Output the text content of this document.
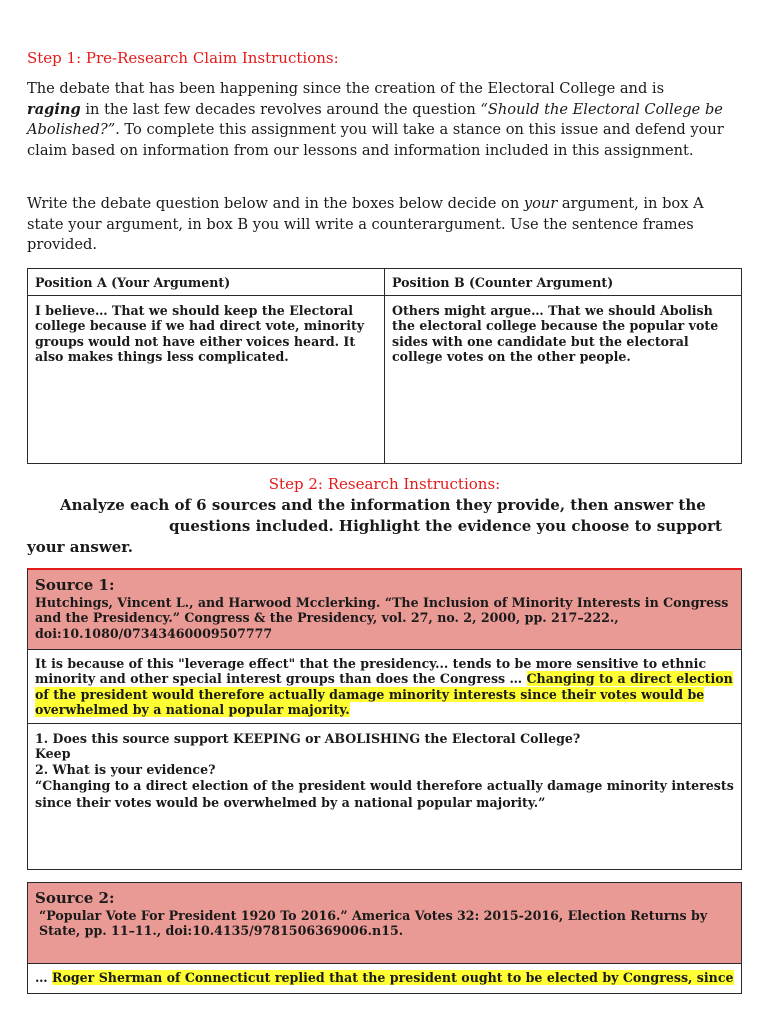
Step 1: Pre-Research Claim Instructions:
The debate that has been happening since the creation of the Electoral College and is
raging in the last few decades revolves around the question “Should the Electoral College be Abolished?”. To complete this assignment you will take a stance on this issue and defend your claim based on information from our lessons and information included in this assignment.
Write the debate question below and in the boxes below decide on your argument, in box A state your argument, in box B you will write a counterargument. Use the sentence frames provided.
Position A (Your Argument)	Position B (Counter Argument)
I believe… That we should keep the Electoral college because if we had direct vote, minority groups would not have either voices heard. It also makes things less complicated.	Others might argue… That we should Abolish the electoral college because the popular vote sides with one candidate but the electoral college votes on the other people.
Step 2: Research Instructions:
Analyze each of 6 sources and the information they provide, then answer the
questions included. Highlight the evidence you choose to support
your answer.
Source 1:
Hutchings, Vincent L., and Harwood Mcclerking. “The Inclusion of Minority Interests in Congress and the Presidency.” Congress & the Presidency, vol. 27, no. 2, 2000, pp. 217–222., doi:10.1080/07343460009507777
It is because of this "leverage effect" that the presidency... tends to be more sensitive to ethnic minority and other special interest groups than does the Congress … Changing to a direct election of the president would therefore actually damage minority interests since their votes would be overwhelmed by a national popular majority.
1. Does this source support KEEPING or ABOLISHING the Electoral College?
Keep
2. What is your evidence?
“Changing to a direct election of the president would therefore actually damage minority interests since their votes would be overwhelmed by a national popular majority.”
Source 2:
“Popular Vote For President 1920 To 2016.” America Votes 32: 2015-2016, Election Returns by State, pp. 11–11., doi:10.4135/9781506369006.n15.
… Roger Sherman of Connecticut replied that the president ought to be elected by Congress, since
